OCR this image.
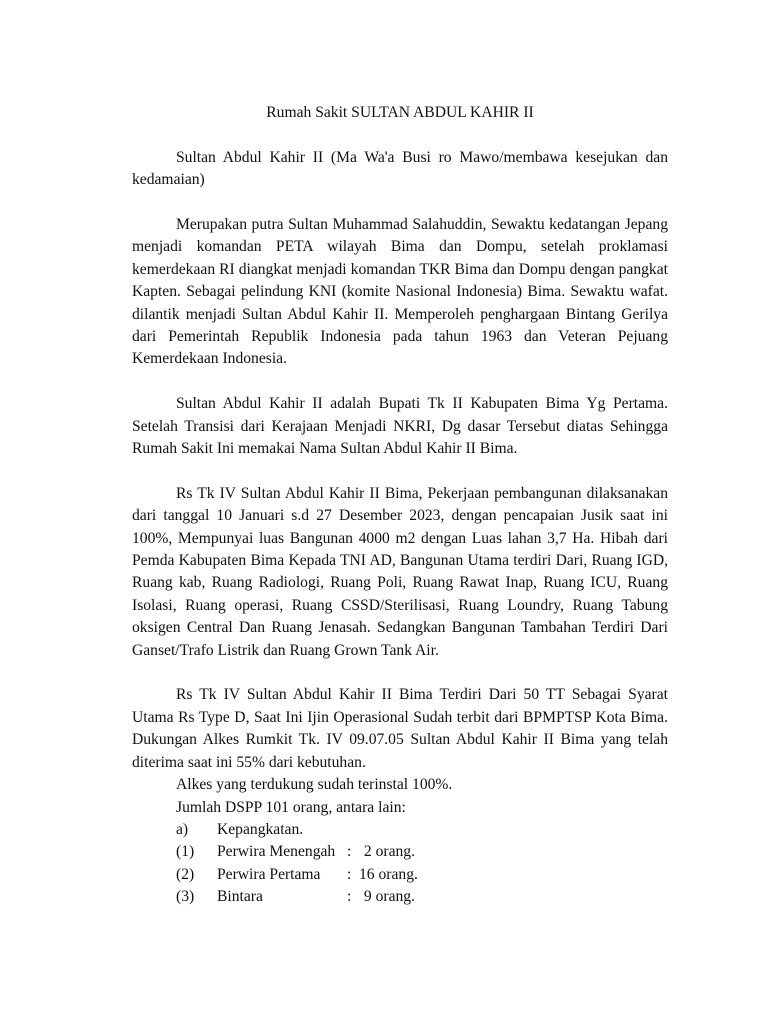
Rumah Sakit SULTAN ABDUL KAHIR II

Sultan Abdul Kahir II (Ma Wa'a Busi ro Mawo/membawa kesejukan dan kedamaian)

Merupakan putra Sultan Muhammad Salahuddin, Sewaktu kedatangan Jepang menjadi komandan PETA wilayah Bima dan Dompu, setelah proklamasi kemerdekaan RI diangkat menjadi komandan TKR Bima dan Dompu dengan pangkat Kapten. Sebagai pelindung KNI (komite Nasional Indonesia) Bima. Sewaktu wafat. dilantik menjadi Sultan Abdul Kahir II. Memperoleh penghargaan Bintang Gerilya dari Pemerintah Republik Indonesia pada tahun 1963 dan Veteran Pejuang Kemerdekaan Indonesia.

Sultan Abdul Kahir II adalah Bupati Tk II Kabupaten Bima Yg Pertama. Setelah Transisi dari Kerajaan Menjadi NKRI, Dg dasar Tersebut diatas Sehingga Rumah Sakit Ini memakai Nama Sultan Abdul Kahir II Bima.

Rs Tk IV Sultan Abdul Kahir II Bima, Pekerjaan pembangunan dilaksanakan dari tanggal 10 Januari s.d 27 Desember 2023, dengan pencapaian Jusik saat ini 100%, Mempunyai luas Bangunan 4000 m2 dengan Luas lahan 3,7 Ha. Hibah dari Pemda Kabupaten Bima Kepada TNI AD, Bangunan Utama terdiri Dari, Ruang IGD, Ruang kab, Ruang Radiologi, Ruang Poli, Ruang Rawat Inap, Ruang ICU, Ruang Isolasi, Ruang operasi, Ruang CSSD/Sterilisasi, Ruang Loundry, Ruang Tabung oksigen Central Dan Ruang Jenasah. Sedangkan Bangunan Tambahan Terdiri Dari Ganset/Trafo Listrik dan Ruang Grown Tank Air.

Rs Tk IV Sultan Abdul Kahir II Bima Terdiri Dari 50 TT Sebagai Syarat Utama Rs Type D, Saat Ini Ijin Operasional Sudah terbit dari BPMPTSP Kota Bima. Dukungan Alkes Rumkit Tk. IV 09.07.05 Sultan Abdul Kahir II Bima yang telah diterima saat ini 55% dari kebutuhan.

Alkes yang terdukung sudah terinstal 100%.

Jumlah DSPP 101 orang, antara lain:

a)	Kepangkatan.
(1)	Perwira Menengah : 2 orang.
(2)	Perwira Pertama	: 16 orang.
(3)	Bintara	: 9 orang.
